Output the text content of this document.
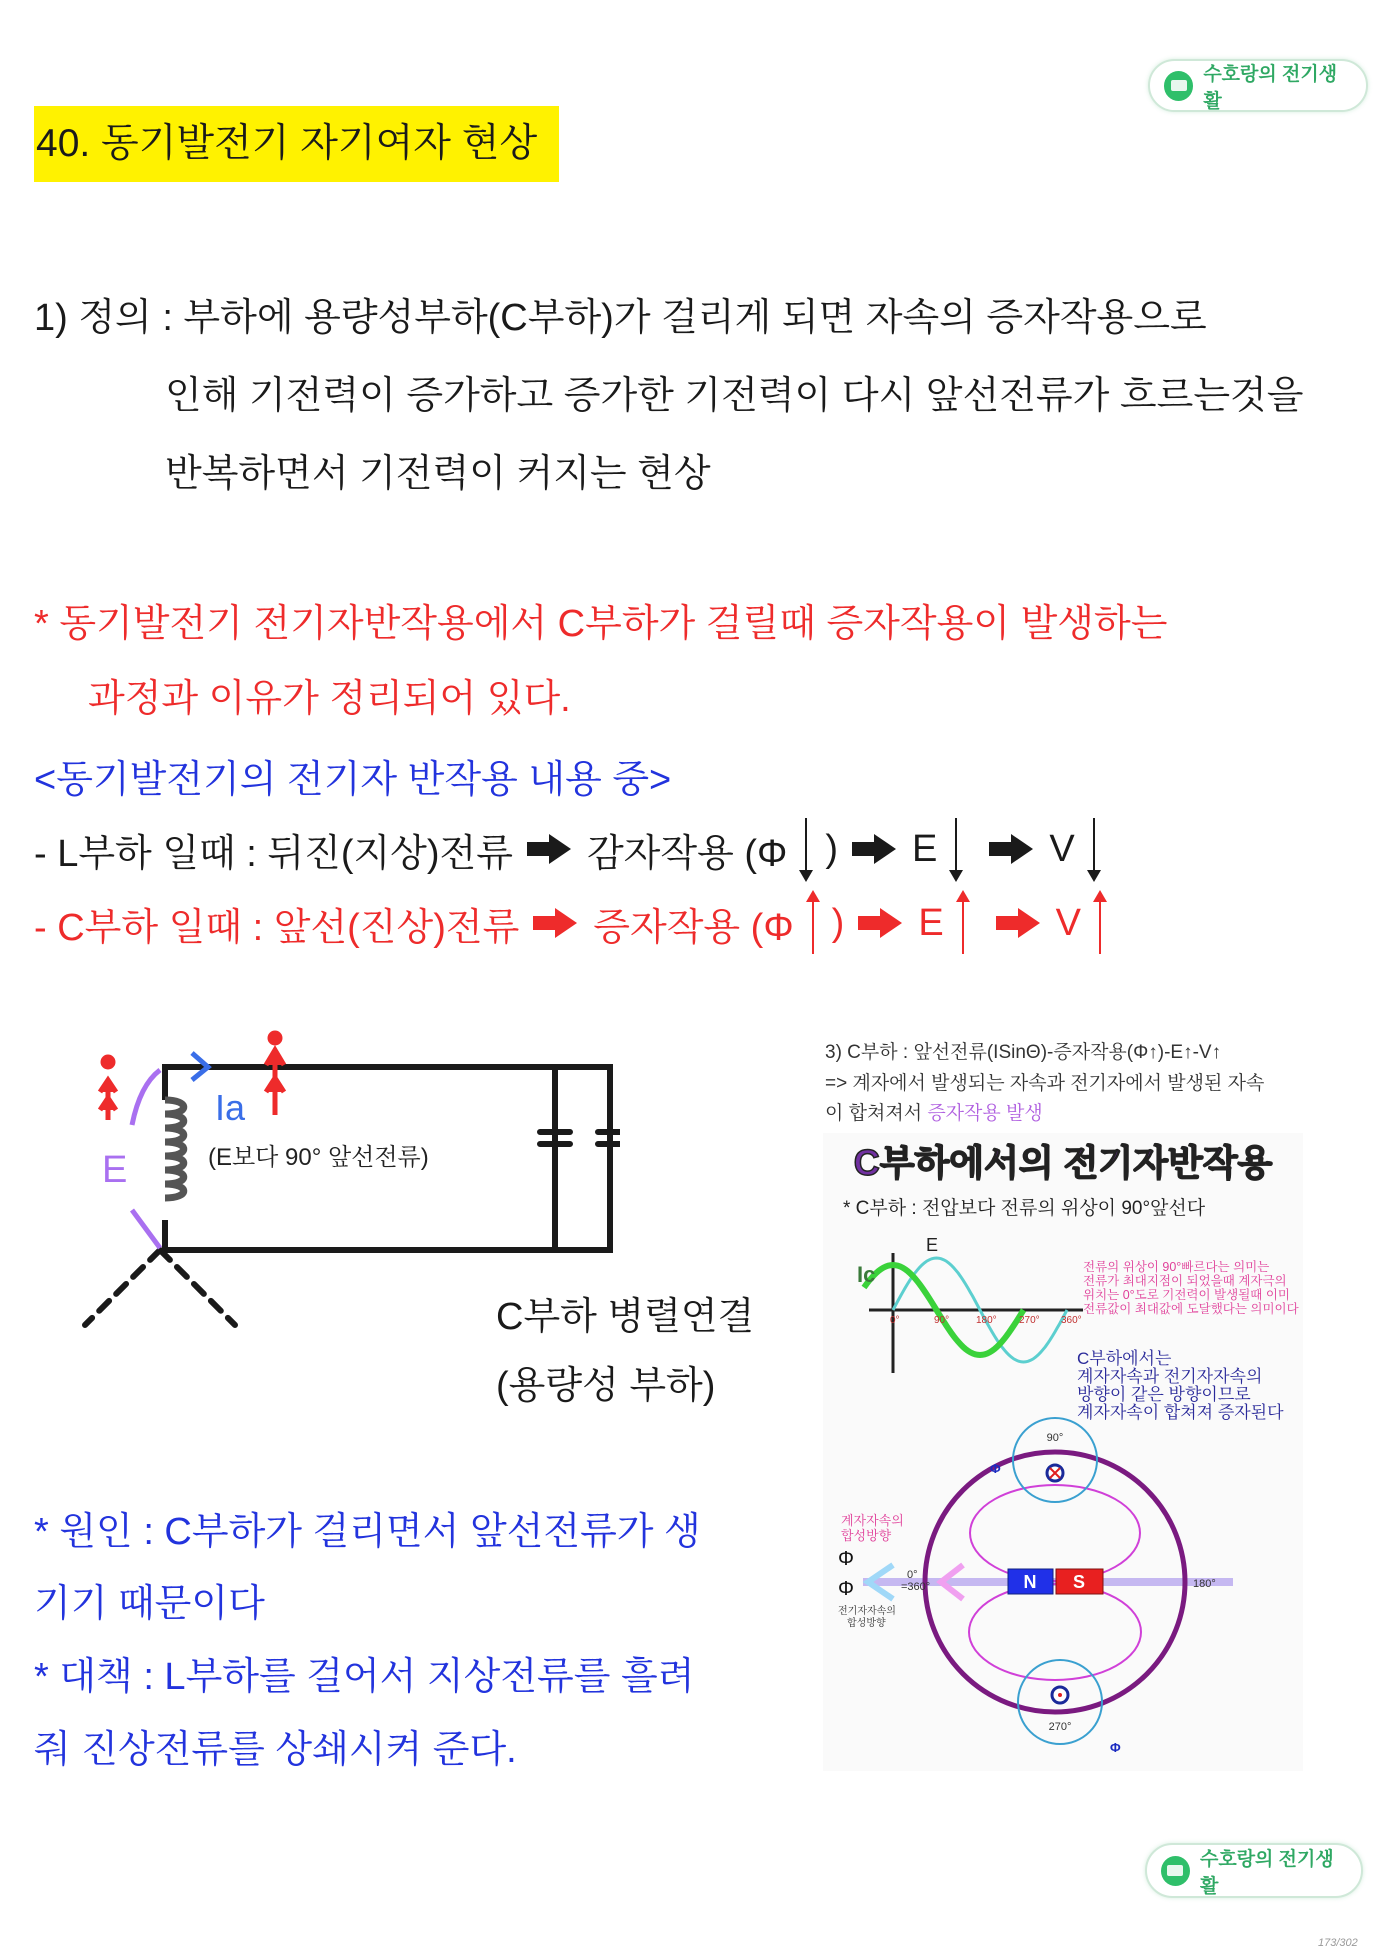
수호랑의 전기생활
40. 동기발전기 자기여자 현상
1) 정의 : 부하에 용량성부하(C부하)가 걸리게 되면 자속의 증자작용으로
인해 기전력이 증가하고 증가한 기전력이 다시 앞선전류가 흐르는것을
반복하면서 기전력이 커지는 현상
* 동기발전기 전기자반작용에서 C부하가 걸릴때 증자작용이 발생하는
과정과 이유가 정리되어 있다.
<동기발전기의 전기자 반작용 내용 중>
- L부하 일때 : 뒤진(지상)전류 감자작용 (Φ ) E	V
- C부하 일때 : 앞선(진상)전류 증자작용 (Φ ) E	V
E
Ia
(E보다 90° 앞선전류)
C부하 병렬연결
(용량성 부하)
* 원인 : C부하가 걸리면서 앞선전류가 생
기기 때문이다
* 대책 : L부하를 걸어서 지상전류를 흘려
줘 진상전류를 상쇄시켜 준다.
3) C부하 : 앞선전류(ISinΘ)-증자작용(Φ↑)-E↑-V↑
=> 계자에서 발생되는 자속과 전기자에서 발생된 자속
이 합쳐져서 증자작용 발생
C부하에서의 전기자반작용
* C부하 : 전압보다 전류의 위상이 90°앞선다
E
Ic
0°	90°	180° 270° 360°
전류의 위상이 90°빠르다는 의미는
전류가 최대지점이 되었을때 계자극의
위치는 0°도로 기전력이 발생될때 이미
전류값이 최대값에 도달했다는 의미이다
C부하에서는
계자자속과 전기자자속의
방향이 같은 방향이므로
계자자속이 합쳐져 증자된다
N S
90°
270°
180°
0°
=360°
계자자속의
합성방향
Φ
Φ
전기자자속의
합성방향
Φ
Φ
수호랑의 전기생활
173/302
